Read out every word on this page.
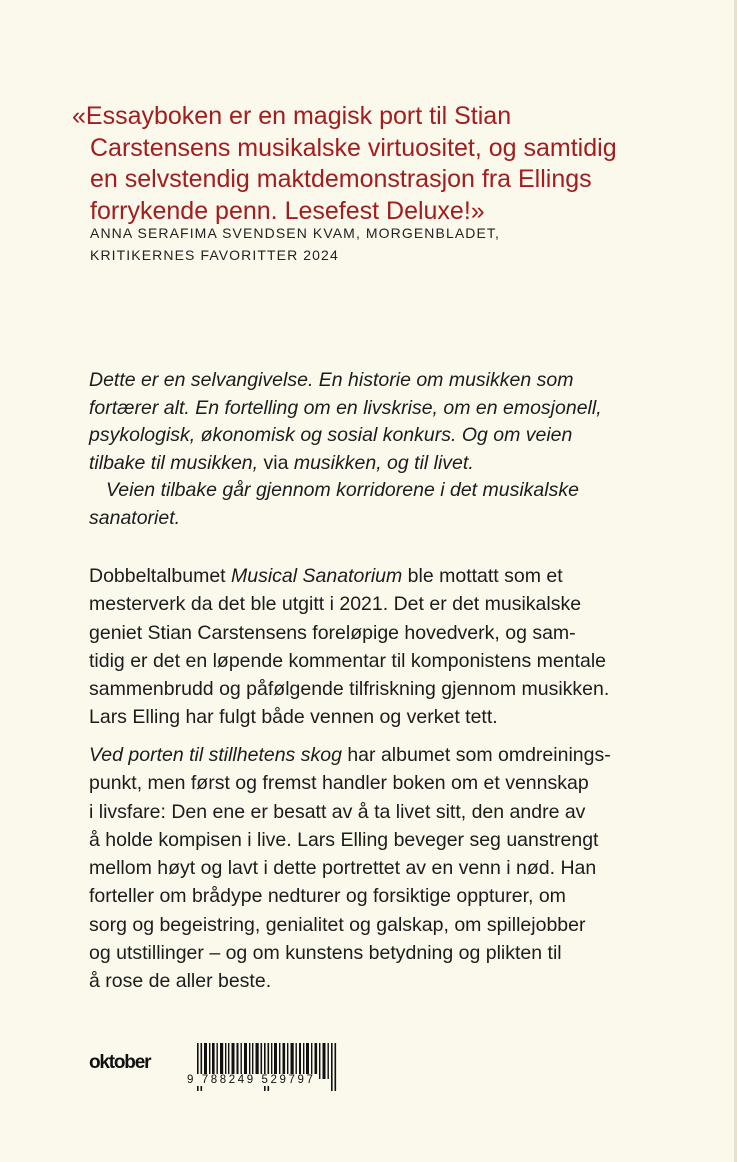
«Essayboken er en magisk port til Stian
Carstensens musikalske virtuositet, og samtidig
en selvstendig maktdemonstrasjon fra Ellings
forrykende penn. Lesefest Deluxe!»
ANNA SERAFIMA SVENDSEN KVAM, MORGENBLADET,
KRITIKERNES FAVORITTER 2024
Dette er en selvangivelse. En historie om musikken som
fortærer alt. En fortelling om en livskrise, om en emosjonell,
psykologisk, økonomisk og sosial konkurs. Og om veien
tilbake til musikken, via musikken, og til livet.
Veien tilbake går gjennom korridorene i det musikalske
sanatoriet.
Dobbeltalbumet Musical Sanatorium ble mottatt som et
mesterverk da det ble utgitt i 2021. Det er det musikalske
geniet Stian Carstensens foreløpige hovedverk, og sam-
tidig er det en løpende kommentar til komponistens mentale
sammenbrudd og påfølgende tilfriskning gjennom musikken.
Lars Elling har fulgt både vennen og verket tett.
Ved porten til stillhetens skog har albumet som omdreinings-
punkt, men først og fremst handler boken om et vennskap
i livsfare: Den ene er besatt av å ta livet sitt, den andre av
å holde kompisen i live. Lars Elling beveger seg uanstrengt
mellom høyt og lavt i dette portrettet av en venn i nød. Han
forteller om brådype nedturer og forsiktige oppturer, om
sorg og begeistring, genialitet og galskap, om spillejobber
og utstillinger – og om kunstens betydning og plikten til
å rose de aller beste.
oktober
9 788249 529797
